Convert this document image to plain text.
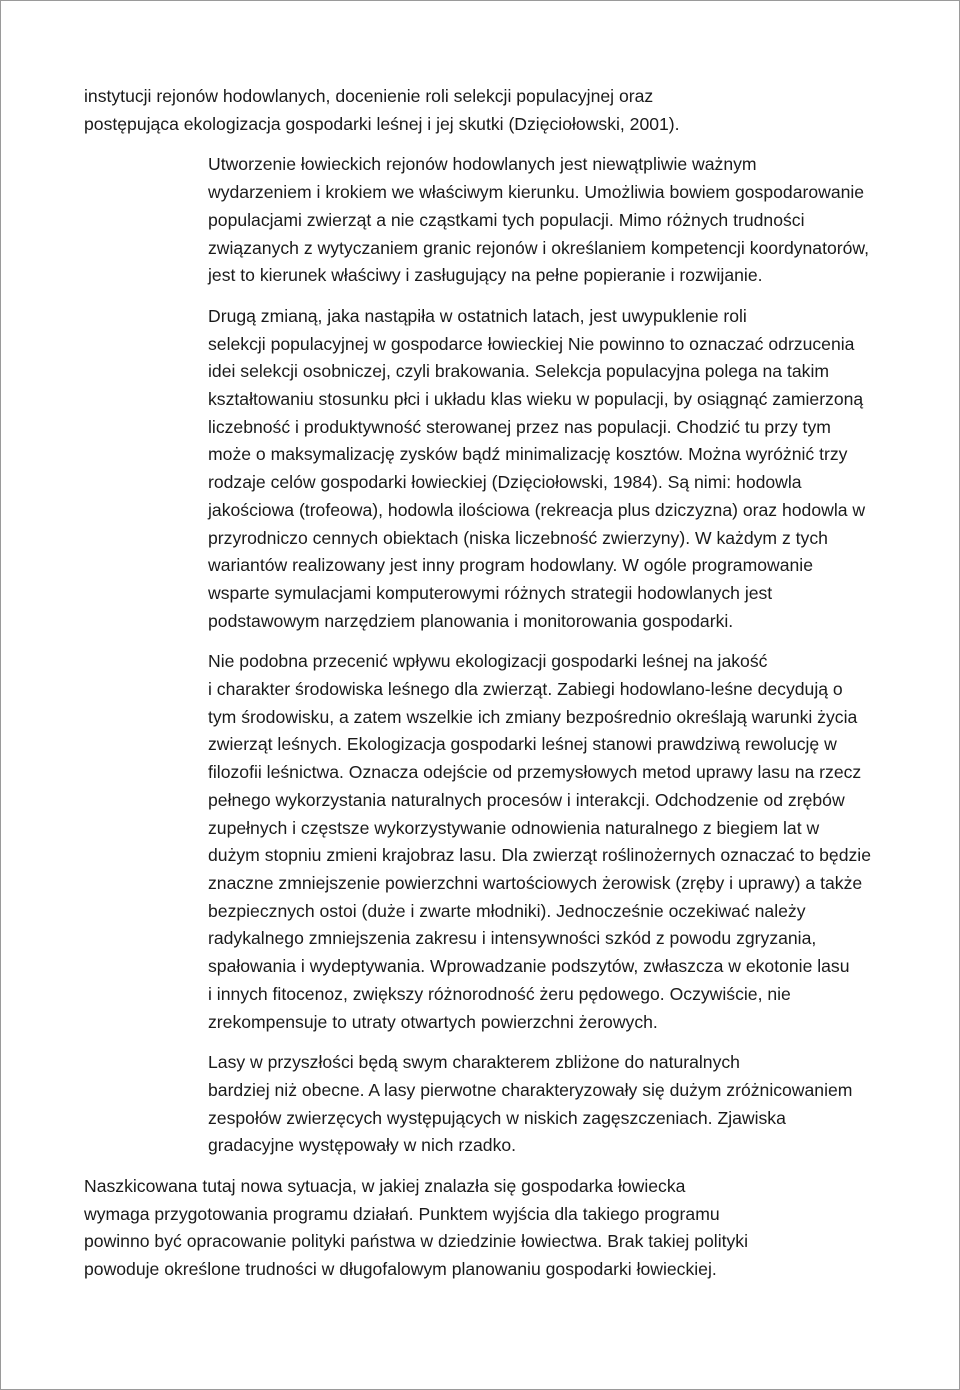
instytucji rejonów hodowlanych, docenienie roli selekcji populacyjnej oraz
postępująca ekologizacja gospodarki leśnej i jej skutki (Dzięciołowski, 2001).

Utworzenie łowieckich rejonów hodowlanych jest niewątpliwie ważnym
wydarzeniem i krokiem we właściwym kierunku. Umożliwia bowiem gospodarowanie
populacjami zwierząt a nie cząstkami tych populacji. Mimo różnych trudności
związanych z wytyczaniem granic rejonów i określaniem kompetencji koordynatorów,
jest to kierunek właściwy i zasługujący na pełne popieranie i rozwijanie.

Drugą zmianą, jaka nastąpiła w ostatnich latach, jest uwypuklenie roli
selekcji populacyjnej w gospodarce łowieckiej Nie powinno to oznaczać odrzucenia
idei selekcji osobniczej, czyli brakowania. Selekcja populacyjna polega na takim
kształtowaniu stosunku płci i układu klas wieku w populacji, by osiągnąć zamierzoną
liczebność i produktywność sterowanej przez nas populacji. Chodzić tu przy tym
może o maksymalizację zysków bądź minimalizację kosztów. Można wyróżnić trzy
rodzaje celów gospodarki łowieckiej (Dzięciołowski, 1984). Są nimi: hodowla
jakościowa (trofeowa), hodowla ilościowa (rekreacja plus dziczyzna) oraz hodowla w
przyrodniczo cennych obiektach (niska liczebność zwierzyny). W każdym z tych
wariantów realizowany jest inny program hodowlany. W ogóle programowanie
wsparte symulacjami komputerowymi różnych strategii hodowlanych jest
podstawowym narzędziem planowania i monitorowania gospodarki.

Nie podobna przecenić wpływu ekologizacji gospodarki leśnej na jakość
i charakter środowiska leśnego dla zwierząt. Zabiegi hodowlano-leśne decydują o
tym środowisku, a zatem wszelkie ich zmiany bezpośrednio określają warunki życia
zwierząt leśnych. Ekologizacja gospodarki leśnej stanowi prawdziwą rewolucję w
filozofii leśnictwa. Oznacza odejście od przemysłowych metod uprawy lasu na rzecz
pełnego wykorzystania naturalnych procesów i interakcji. Odchodzenie od zrębów
zupełnych i częstsze wykorzystywanie odnowienia naturalnego z biegiem lat w
dużym stopniu zmieni krajobraz lasu. Dla zwierząt roślinożernych oznaczać to będzie
znaczne zmniejszenie powierzchni wartościowych żerowisk (zręby i uprawy) a także
bezpiecznych ostoi (duże i zwarte młodniki). Jednocześnie oczekiwać należy
radykalnego zmniejszenia zakresu i intensywności szkód z powodu zgryzania,
spałowania i wydeptywania. Wprowadzanie podszytów, zwłaszcza w ekotonie lasu
i innych fitocenoz, zwiększy różnorodność żeru pędowego. Oczywiście, nie
zrekompensuje to utraty otwartych powierzchni żerowych.

Lasy w przyszłości będą swym charakterem zbliżone do naturalnych
bardziej niż obecne. A lasy pierwotne charakteryzowały się dużym zróżnicowaniem
zespołów zwierzęcych występujących w niskich zagęszczeniach. Zjawiska
gradacyjne występowały w nich rzadko.

Naszkicowana tutaj nowa sytuacja, w jakiej znalazła się gospodarka łowiecka
wymaga przygotowania programu działań. Punktem wyjścia dla takiego programu
powinno być opracowanie polityki państwa w dziedzinie łowiectwa. Brak takiej polityki
powoduje określone trudności w długofalowym planowaniu gospodarki łowieckiej.
